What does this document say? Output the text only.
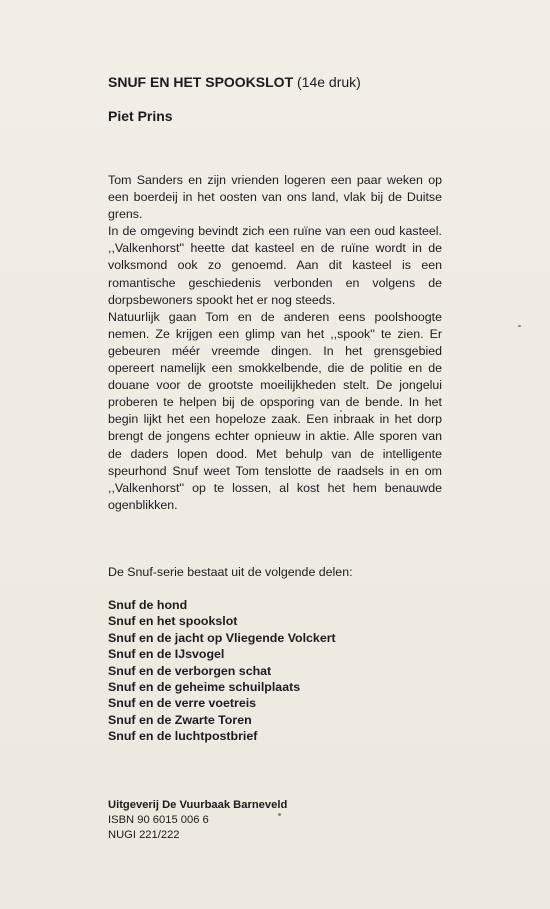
SNUF EN HET SPOOKSLOT (14e druk)
Piet Prins

Tom Sanders en zijn vrienden logeren een paar weken op een boerdeij in het oosten van ons land, vlak bij de Duitse grens.

In de omgeving bevindt zich een ruïne van een oud kasteel. ,,Valkenhorst'' heette dat kasteel en de ruïne wordt in de volksmond ook zo genoemd. Aan dit kasteel is een romantische geschiedenis verbonden en volgens de dorpsbewoners spookt het er nog steeds.

Natuurlijk gaan Tom en de anderen eens poolshoogte nemen. Ze krijgen een glimp van het ,,spook'' te zien. Er gebeuren méér vreemde dingen. In het grensgebied opereert namelijk een smokkelbende, die de politie en de douane voor de grootste moeilijkheden stelt. De jongelui proberen te helpen bij de opsporing van de bende. In het begin lijkt het een hopeloze zaak. Een inbraak in het dorp brengt de jongens echter opnieuw in aktie. Alle sporen van de daders lopen dood. Met behulp van de intelligente speurhond Snuf weet Tom tenslotte de raadsels in en om ,,Valkenhorst'' op te lossen, al kost het hem benauwde ogenblikken.

De Snuf-serie bestaat uit de volgende delen:
Snuf de hond
Snuf en het spookslot
Snuf en de jacht op Vliegende Volckert
Snuf en de IJsvogel
Snuf en de verborgen schat
Snuf en de geheime schuilplaats
Snuf en de verre voetreis
Snuf en de Zwarte Toren
Snuf en de luchtpostbrief
Uitgeverij De Vuurbaak Barneveld
ISBN 90 6015 006 6
NUGI 221/222
